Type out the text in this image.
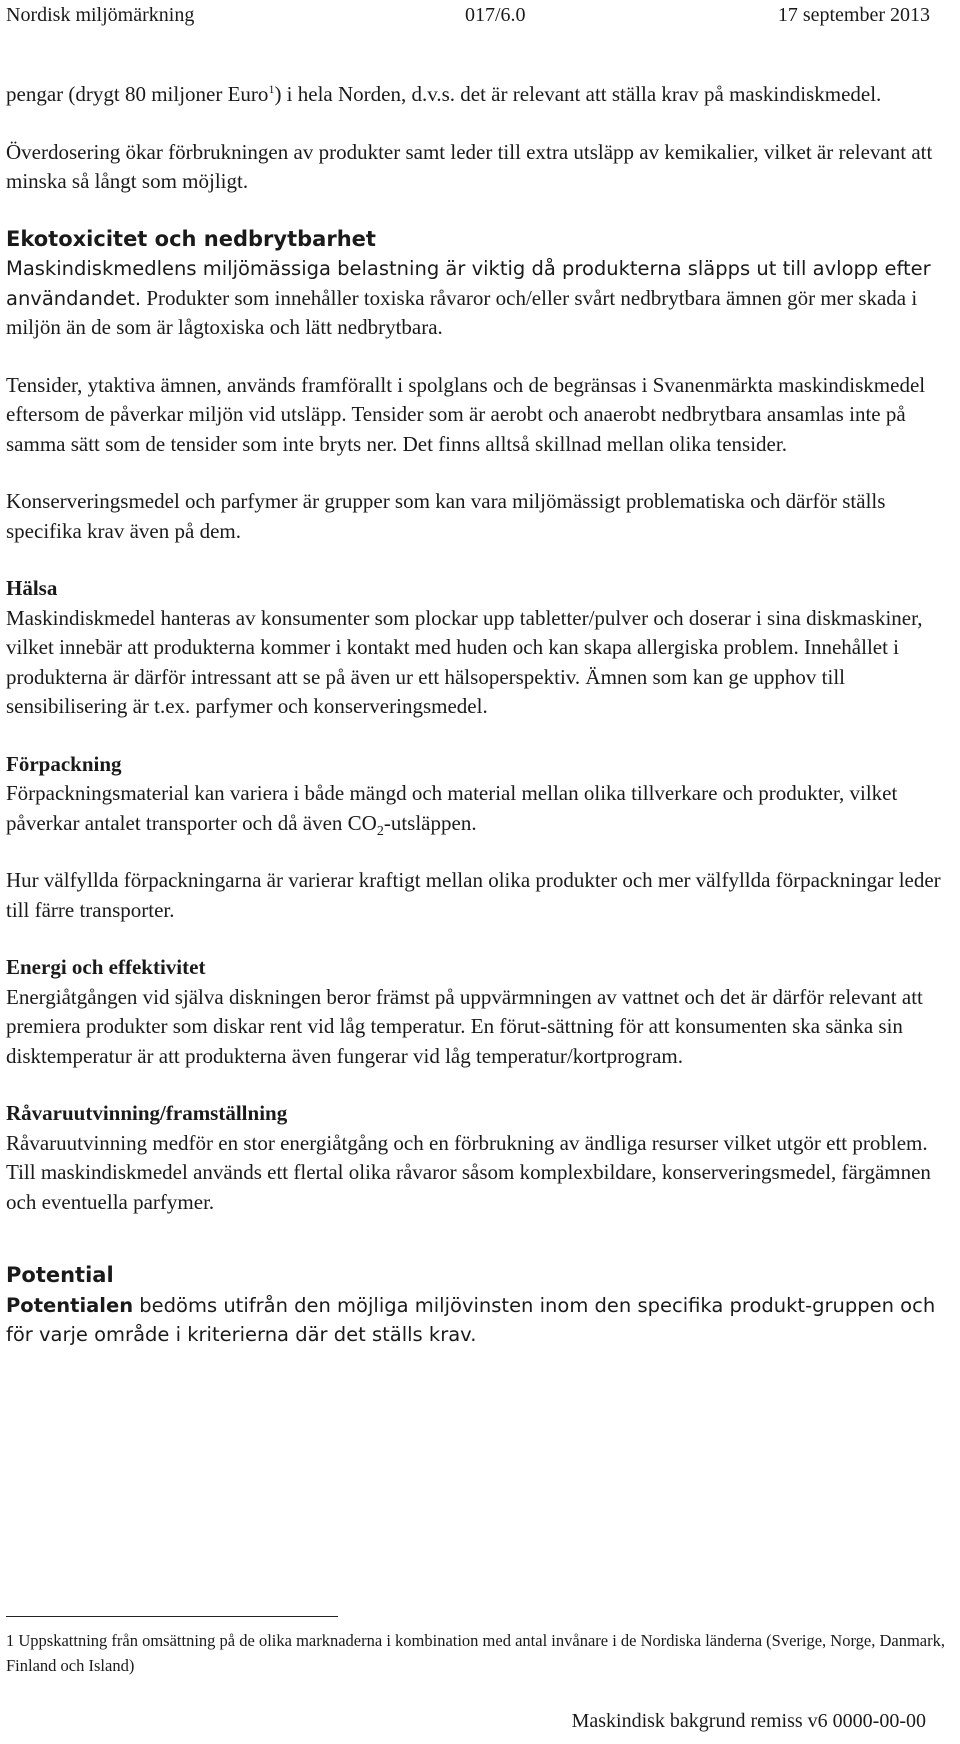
Nordisk miljömärkning	017/6.0	17 september 2013

pengar (drygt 80 miljoner Euro$^1$) i hela Norden, d.v.s. det är relevant att ställa krav på maskindiskmedel.

Överdosering ökar förbrukningen av produkter samt leder till extra utsläpp av kemikalier, vilket är relevant att minska så långt som möjligt.

Ekotoxicitet och nedbrytbarhet
Maskindiskmedlens miljömässiga belastning är viktig då produkterna släpps ut till avlopp efter användandet. Produkter som innehåller toxiska råvaror och/eller svårt nedbrytbara ämnen gör mer skada i miljön än de som är lågtoxiska och lätt nedbrytbara.

Tensider, ytaktiva ämnen, används framförallt i spolglans och de begränsas i Svanenmärkta maskindiskmedel eftersom de påverkar miljön vid utsläpp. Tensider som är aerobt och anaerobt nedbrytbara ansamlas inte på samma sätt som de tensider som inte bryts ner. Det finns alltså skillnad mellan olika tensider.

Konserveringsmedel och parfymer är grupper som kan vara miljömässigt problematiska och därför ställs specifika krav även på dem.

Hälsa
Maskindiskmedel hanteras av konsumenter som plockar upp tabletter/pulver och doserar i sina diskmaskiner, vilket innebär att produkterna kommer i kontakt med huden och kan skapa allergiska problem. Innehållet i produkterna är därför intressant att se på även ur ett hälsoperspektiv. Ämnen som kan ge upphov till sensibilisering är t.ex. parfymer och konserveringsmedel.

Förpackning
Förpackningsmaterial kan variera i både mängd och material mellan olika tillverkare och produkter, vilket påverkar antalet transporter och då även $CO_2$-utsläppen.

Hur välfyllda förpackningarna är varierar kraftigt mellan olika produkter och mer välfyllda förpackningar leder till färre transporter.

Energi och effektivitet
Energiåtgången vid själva diskningen beror främst på uppvärmningen av vattnet och det är därför relevant att premiera produkter som diskar rent vid låg temperatur. En förut-sättning för att konsumenten ska sänka sin disktemperatur är att produkterna även fungerar vid låg temperatur/kortprogram.

Råvaruutvinning/framställning
Råvaruutvinning medför en stor energiåtgång och en förbrukning av ändliga resurser vilket utgör ett problem. Till maskindiskmedel används ett flertal olika råvaror såsom komplexbildare, konserveringsmedel, färgämnen och eventuella parfymer.

Potential
Potentialen bedöms utifrån den möjliga miljövinsten inom den specifika produkt-gruppen och för varje område i kriterierna där det ställs krav.

1 Uppskattning från omsättning på de olika marknaderna i kombination med antal invånare i de Nordiska länderna (Sverige, Norge, Danmark, Finland och Island)
Maskindisk bakgrund remiss v6 0000-00-00
